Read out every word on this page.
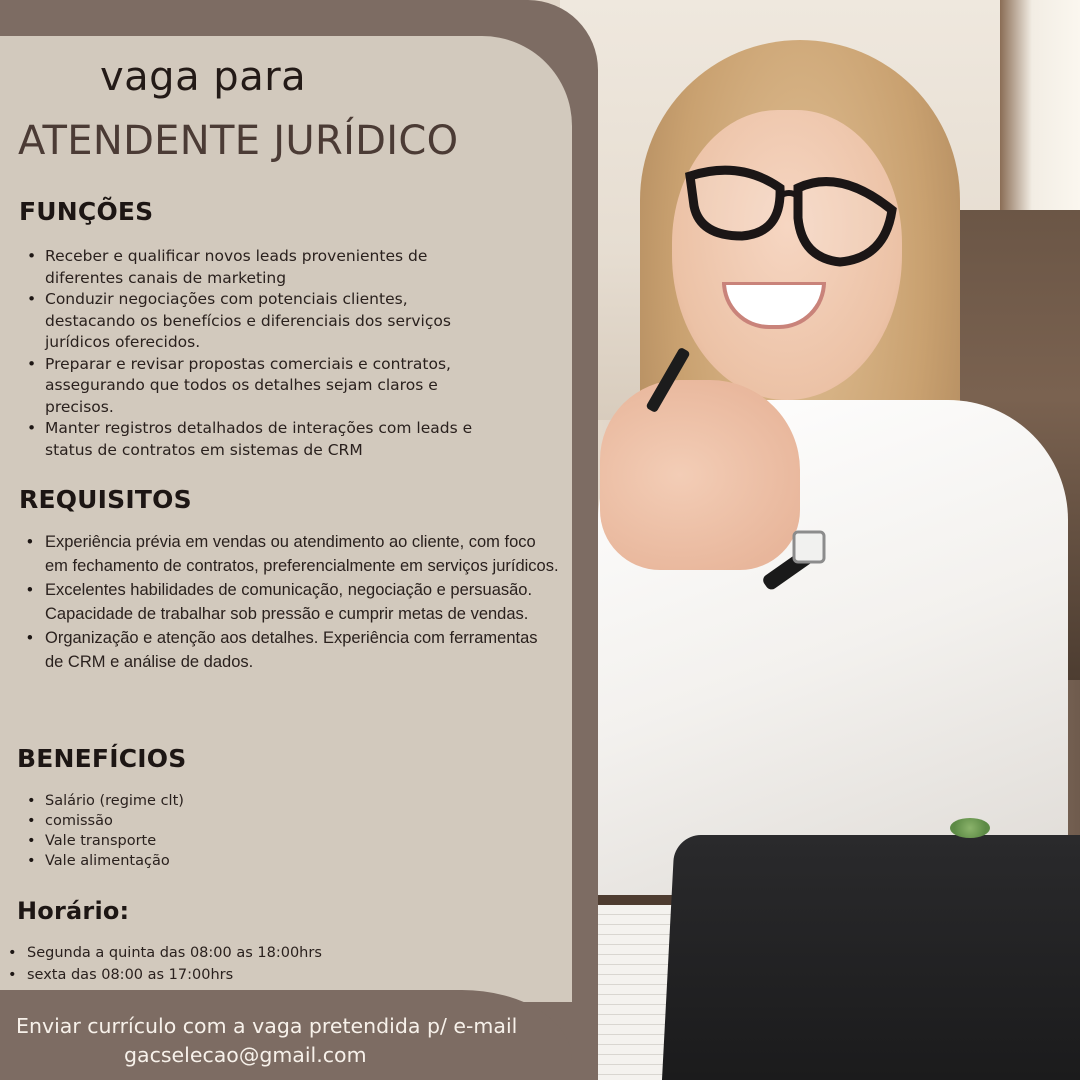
vaga para
ATENDENTE JURÍDICO
FUNÇÕES
• Receber e qualificar novos leads provenientes de diferentes canais de marketing
• Conduzir negociações com potenciais clientes, destacando os benefícios e diferenciais dos serviços jurídicos oferecidos.
• Preparar e revisar propostas comerciais e contratos, assegurando que todos os detalhes sejam claros e precisos.
• Manter registros detalhados de interações com leads e status de contratos em sistemas de CRM
REQUISITOS
• Experiência prévia em vendas ou atendimento ao cliente, com foco em fechamento de contratos, preferencialmente em serviços jurídicos.
• Excelentes habilidades de comunicação, negociação e persuasão. Capacidade de trabalhar sob pressão e cumprir metas de vendas.
• Organização e atenção aos detalhes. Experiência com ferramentas de CRM e análise de dados.
BENEFÍCIOS
• Salário (regime clt)
• comissão
• Vale transporte
• Vale alimentação
Horário:
• Segunda a quinta das 08:00 as 18:00hrs
• sexta das 08:00 as 17:00hrs

Enviar currículo com a vaga pretendida p/ e-mail

gacselecao@gmail.com
